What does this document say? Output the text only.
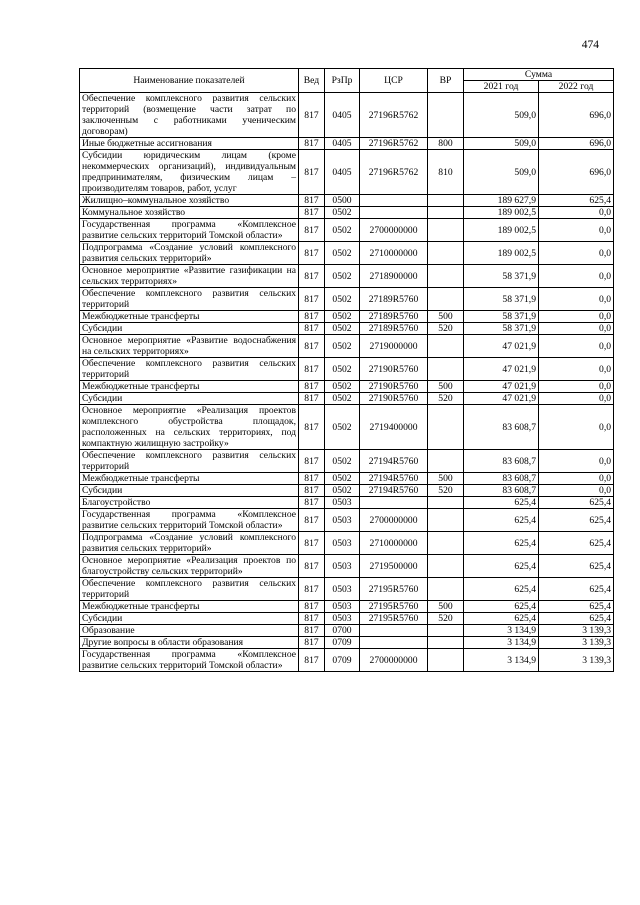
474
Наименование показателей	Вед	РзПр	ЦСР	ВР	Сумма	
					2021 год	2022 год
Обеспечение комплексного развития сельских территорий (возмещение части затрат по заключенным с работниками ученическим договорам)	817	0405	27196R5762		509,0	696,0
Иные бюджетные ассигнования	817	0405	27196R5762	800	509,0	696,0
Субсидии юридическим лицам (кроме некоммерческих организаций), индивидуальным предпринимателям, физическим лицам – производителям товаров, работ, услуг	817	0405	27196R5762	810	509,0	696,0
Жилищно–коммунальное хозяйство	817	0500			189 627,9	625,4
Коммунальное хозяйство	817	0502			189 002,5	0,0
Государственная программа «Комплексное развитие сельских территорий Томской области»	817	0502	2700000000		189 002,5	0,0
Подпрограмма «Создание условий комплексного развития сельских территорий»	817	0502	2710000000		189 002,5	0,0
Основное мероприятие «Развитие газификации на сельских территориях»	817	0502	2718900000		58 371,9	0,0
Обеспечение комплексного развития сельских территорий	817	0502	27189R5760		58 371,9	0,0
Межбюджетные трансферты	817	0502	27189R5760	500	58 371,9	0,0
Субсидии	817	0502	27189R5760	520	58 371,9	0,0
Основное мероприятие «Развитие водоснабжения на сельских территориях»	817	0502	2719000000		47 021,9	0,0
Обеспечение комплексного развития сельских территорий	817	0502	27190R5760		47 021,9	0,0
Межбюджетные трансферты	817	0502	27190R5760	500	47 021,9	0,0
Субсидии	817	0502	27190R5760	520	47 021,9	0,0
Основное мероприятие «Реализация проектов комплексного обустройства площадок, расположенных на сельских территориях, под компактную жилищную застройку»	817	0502	2719400000		83 608,7	0,0
Обеспечение комплексного развития сельских территорий	817	0502	27194R5760		83 608,7	0,0
Межбюджетные трансферты	817	0502	27194R5760	500	83 608,7	0,0
Субсидии	817	0502	27194R5760	520	83 608,7	0,0
Благоустройство	817	0503			625,4	625,4
Государственная программа «Комплексное развитие сельских территорий Томской области»	817	0503	2700000000		625,4	625,4
Подпрограмма «Создание условий комплексного развития сельских территорий»	817	0503	2710000000		625,4	625,4
Основное мероприятие «Реализация проектов по благоустройству сельских территорий»	817	0503	2719500000		625,4	625,4
Обеспечение комплексного развития сельских территорий	817	0503	27195R5760		625,4	625,4
Межбюджетные трансферты	817	0503	27195R5760	500	625,4	625,4
Субсидии	817	0503	27195R5760	520	625,4	625,4
Образование	817	0700			3 134,9	3 139,3
Другие вопросы в области образования	817	0709			3 134,9	3 139,3
Государственная программа «Комплексное развитие сельских территорий Томской области»	817	0709	2700000000		3 134,9	3 139,3
